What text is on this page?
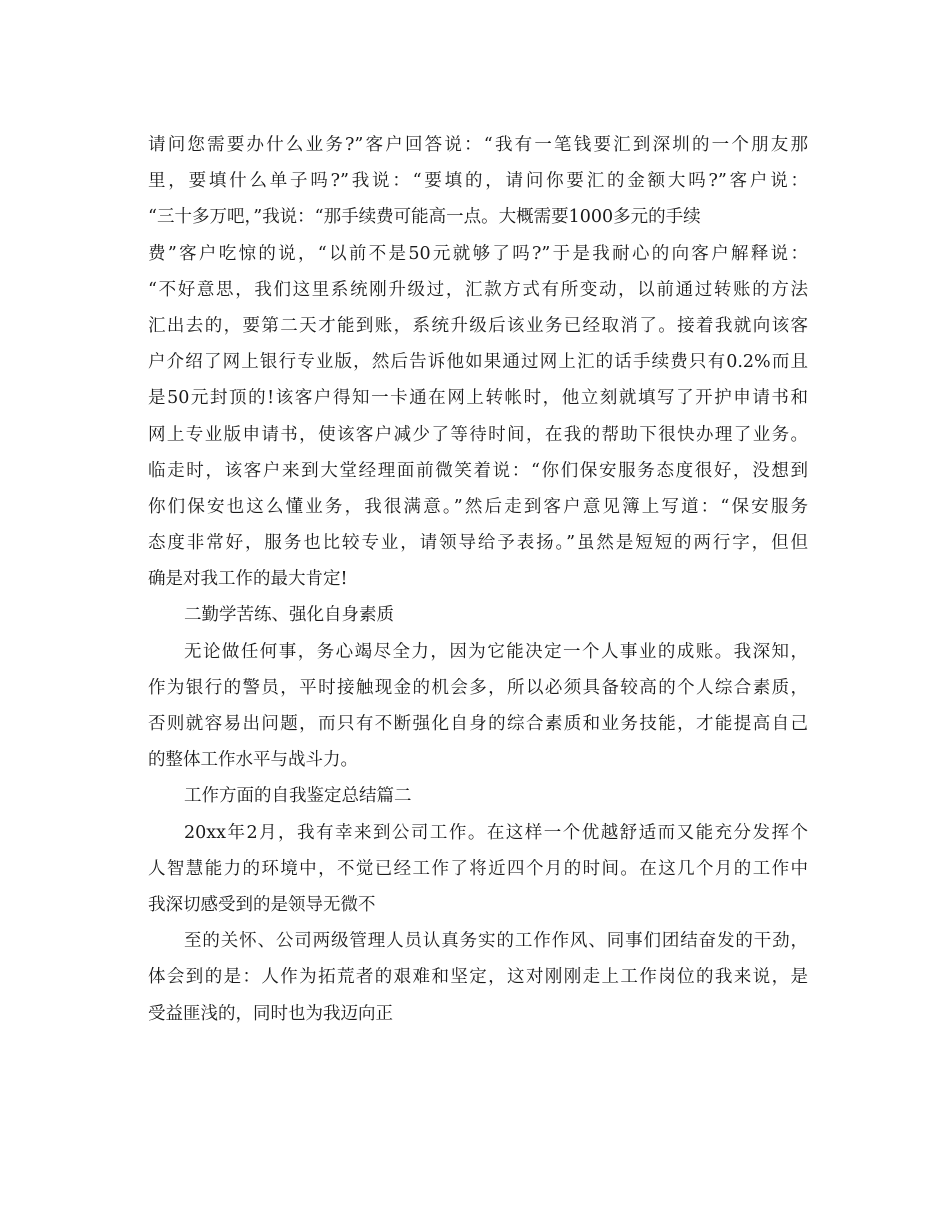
请问您需要办什么业务?”客户回答说：“我有一笔钱要汇到深圳的一个朋友那
里，要填什么单子吗?”我说：“要填的，请问你要汇的金额大吗?”客户说：
“三十多万吧，”我说：“那手续费可能高一点。大概需要1000多元的手续
费”客户吃惊的说，“以前不是50元就够了吗?”于是我耐心的向客户解释说：
“不好意思，我们这里系统刚升级过，汇款方式有所变动，以前通过转账的方法
汇出去的，要第二天才能到账，系统升级后该业务已经取消了。接着我就向该客
户介绍了网上银行专业版，然后告诉他如果通过网上汇的话手续费只有0.2%而且
是50元封顶的!该客户得知一卡通在网上转帐时，他立刻就填写了开护申请书和
网上专业版申请书，使该客户减少了等待时间，在我的帮助下很快办理了业务。
临走时，该客户来到大堂经理面前微笑着说：“你们保安服务态度很好，没想到
你们保安也这么懂业务，我很满意。”然后走到客户意见簿上写道：“保安服务
态度非常好，服务也比较专业，请领导给予表扬。”虽然是短短的两行字，但但
确是对我工作的最大肯定!
二勤学苦练、强化自身素质
无论做任何事，务心竭尽全力，因为它能决定一个人事业的成账。我深知，
作为银行的警员，平时接触现金的机会多，所以必须具备较高的个人综合素质，
否则就容易出问题，而只有不断强化自身的综合素质和业务技能，才能提高自己
的整体工作水平与战斗力。
工作方面的自我鉴定总结篇二
20xx年2月，我有幸来到公司工作。在这样一个优越舒适而又能充分发挥个
人智慧能力的环境中，不觉已经工作了将近四个月的时间。在这几个月的工作中
我深切感受到的是领导无微不
至的关怀、公司两级管理人员认真务实的工作作风、同事们团结奋发的干劲，
体会到的是：人作为拓荒者的艰难和坚定，这对刚刚走上工作岗位的我来说，是
受益匪浅的，同时也为我迈向正
